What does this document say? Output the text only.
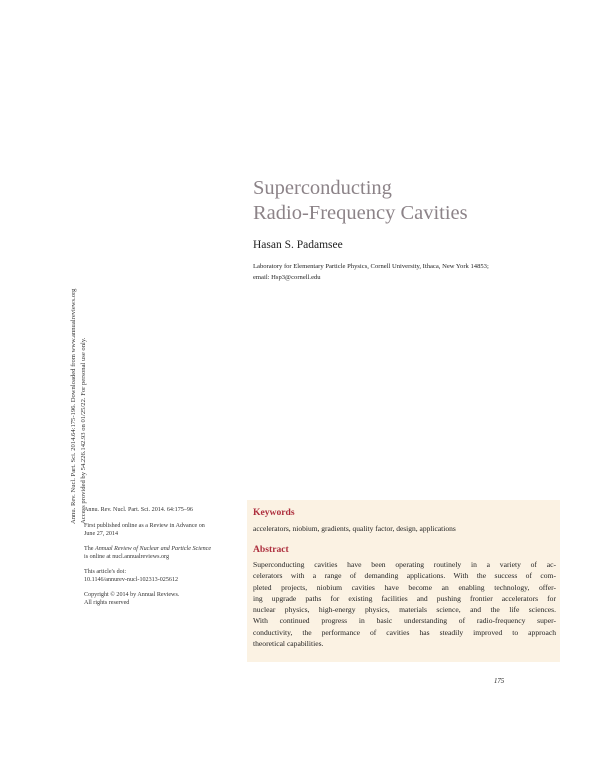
Superconducting
Radio-Frequency Cavities
Hasan S. Padamsee
Laboratory for Elementary Particle Physics, Cornell University, Ithaca, New York 14853;
email: Hsp3@cornell.edu
Annu. Rev. Nucl. Part. Sci. 2014.64:175-196. Downloaded from www.annualreviews.org Access provided by 54.226.142.93 on 01/25/22. For personal use only.

Annu. Rev. Nucl. Part. Sci. 2014. 64:175–96

First published online as a Review in Advance on
June 27, 2014

The Annual Review of Nuclear and Particle Science
is online at nucl.annualreviews.org

This article's doi:
10.1146/annurev-nucl-102313-025612

Copyright © 2014 by Annual Reviews.
All rights reserved

Keywords
accelerators, niobium, gradients, quality factor, design, applications
Abstract
Superconducting cavities have been operating routinely in a variety of ac-
celerators with a range of demanding applications. With the success of com-
pleted projects, niobium cavities have become an enabling technology, offer-
ing upgrade paths for existing facilities and pushing frontier accelerators for
nuclear physics, high-energy physics, materials science, and the life sciences.
With continued progress in basic understanding of radio-frequency super-
conductivity, the performance of cavities has steadily improved to approach
theoretical capabilities.
175
